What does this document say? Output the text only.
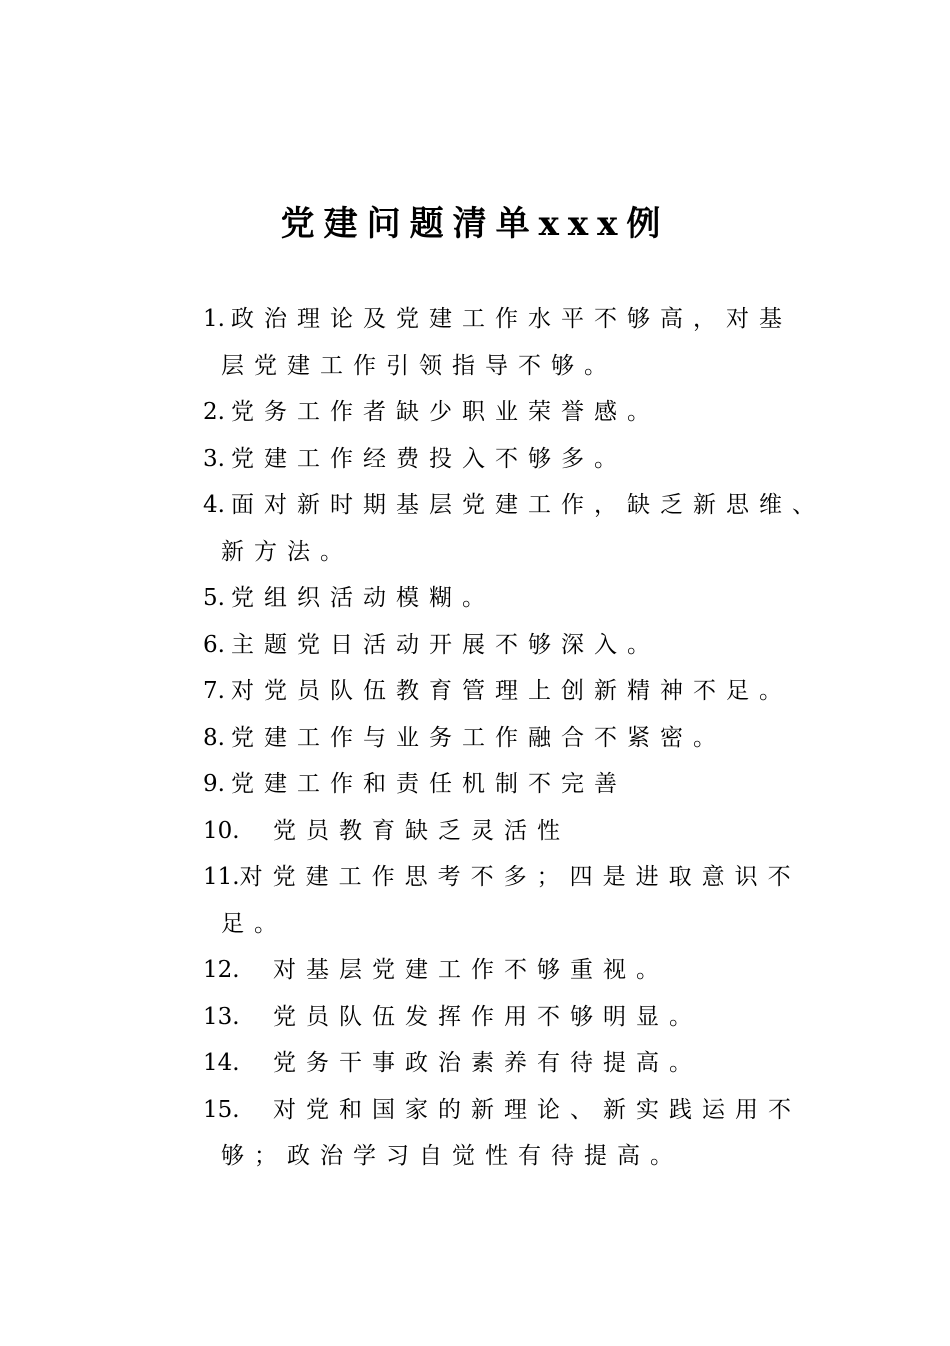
党建问题清单xxx例
1. 政治理论及党建工作水平不够高，对基
层党建工作引领指导不够。
2. 党务工作者缺少职业荣誉感。
3. 党建工作经费投入不够多。
4. 面对新时期基层党建工作，缺乏新思维、
新方法。
5. 党组织活动模糊。
6. 主题党日活动开展不够深入。
7. 对党员队伍教育管理上创新精神不足。
8. 党建工作与业务工作融合不紧密。
9. 党建工作和责任机制不完善
10. 党员教育缺乏灵活性
11.对党建工作思考不多；四是进取意识不
足。
12. 对基层党建工作不够重视。
13. 党员队伍发挥作用不够明显。
14. 党务干事政治素养有待提高。
15. 对党和国家的新理论、新实践运用不
够；政治学习自觉性有待提高。
